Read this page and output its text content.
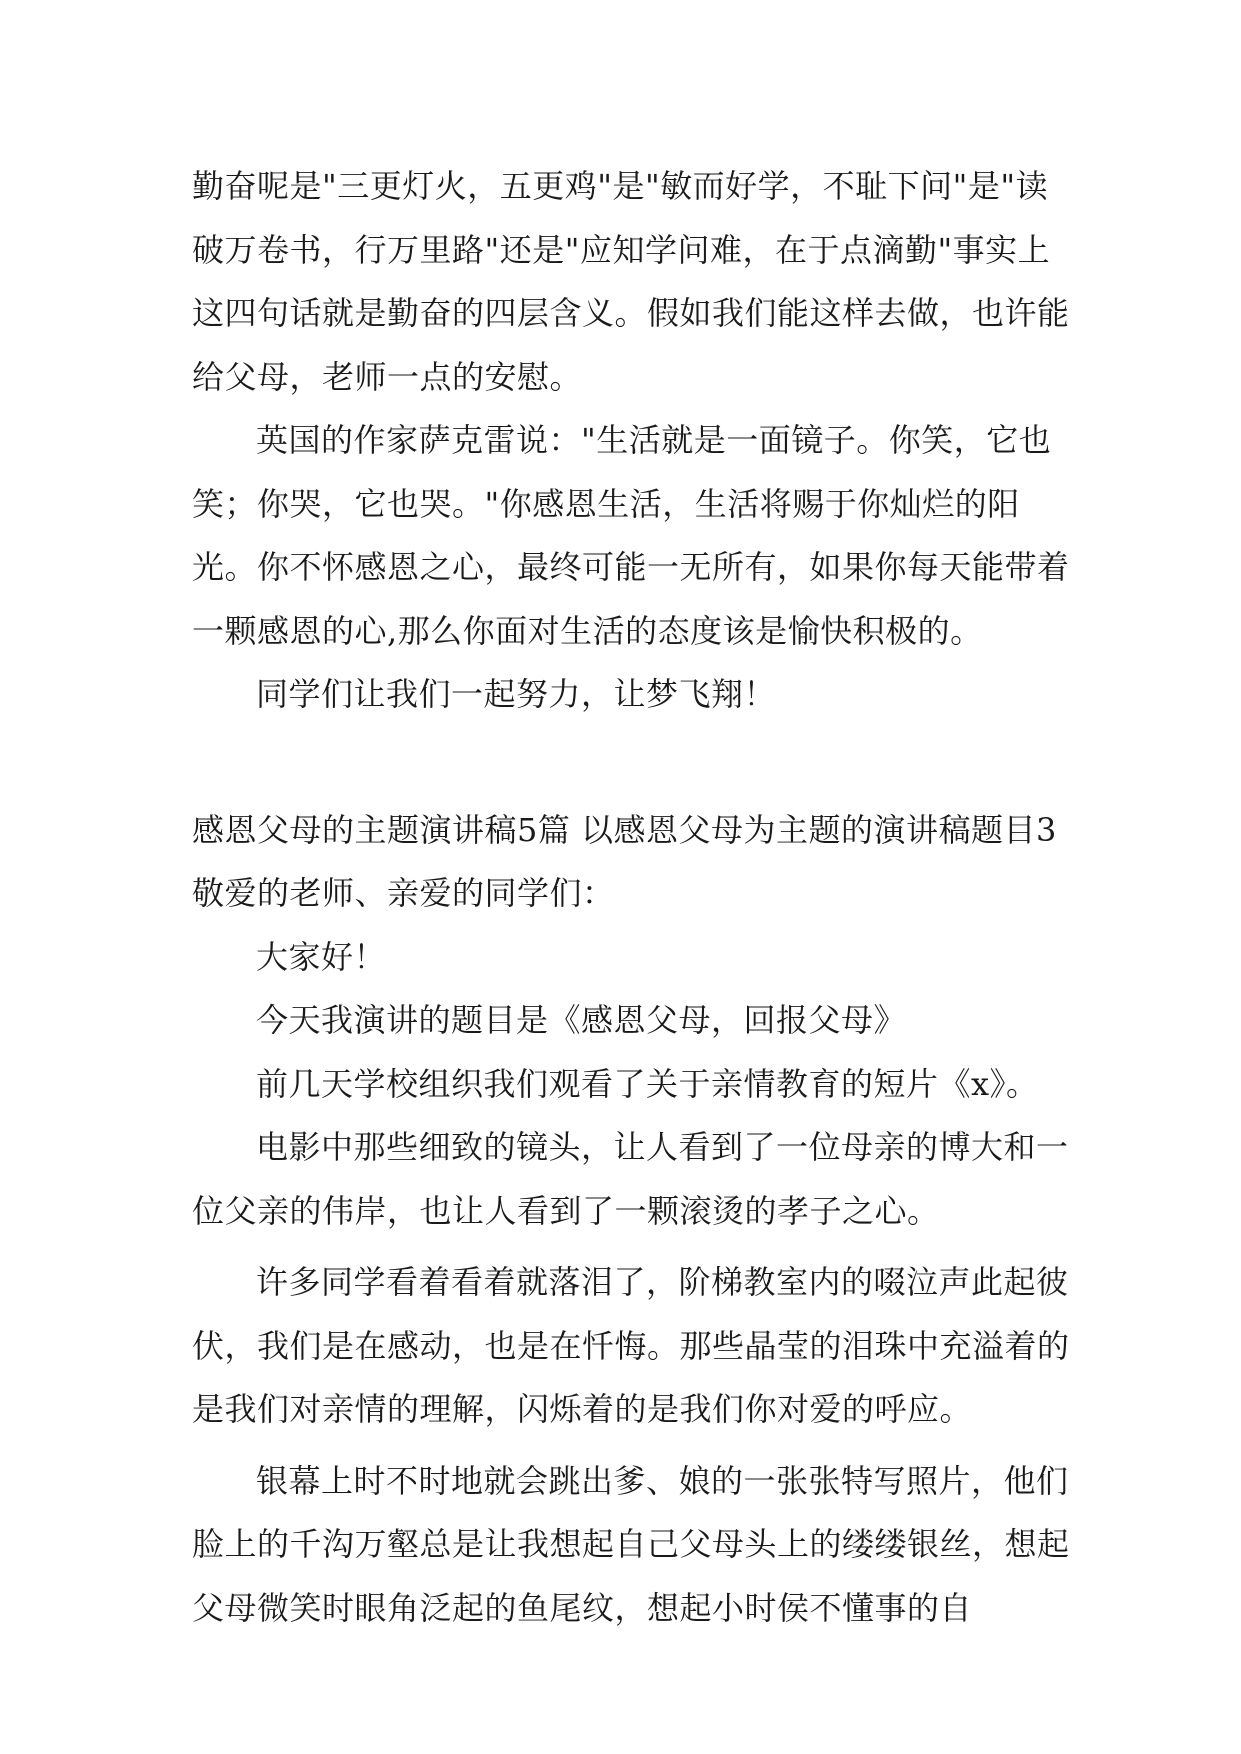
勤奋呢是"三更灯火，五更鸡"是"敏而好学，不耻下问"是"读破万卷书，行万里路"还是"应知学问难，在于点滴勤"事实上这四句话就是勤奋的四层含义。假如我们能这样去做，也许能给父母，老师一点的安慰。

英国的作家萨克雷说："生活就是一面镜子。你笑，它也笑；你哭，它也哭。"你感恩生活，生活将赐于你灿烂的阳光。你不怀感恩之心，最终可能一无所有，如果你每天能带着一颗感恩的心,那么你面对生活的态度该是愉快积极的。

同学们让我们一起努力，让梦飞翔！

感恩父母的主题演讲稿5篇 以感恩父母为主题的演讲稿题目3

敬爱的老师、亲爱的同学们：

大家好！

今天我演讲的题目是《感恩父母，回报父母》

前几天学校组织我们观看了关于亲情教育的短片《x》。

电影中那些细致的镜头，让人看到了一位母亲的博大和一位父亲的伟岸，也让人看到了一颗滚烫的孝子之心。

许多同学看着看着就落泪了，阶梯教室内的啜泣声此起彼伏，我们是在感动，也是在忏悔。那些晶莹的泪珠中充溢着的是我们对亲情的理解，闪烁着的是我们你对爱的呼应。

银幕上时不时地就会跳出爹、娘的一张张特写照片，他们脸上的千沟万壑总是让我想起自己父母头上的缕缕银丝，想起父母微笑时眼角泛起的鱼尾纹，想起小时侯不懂事的自
